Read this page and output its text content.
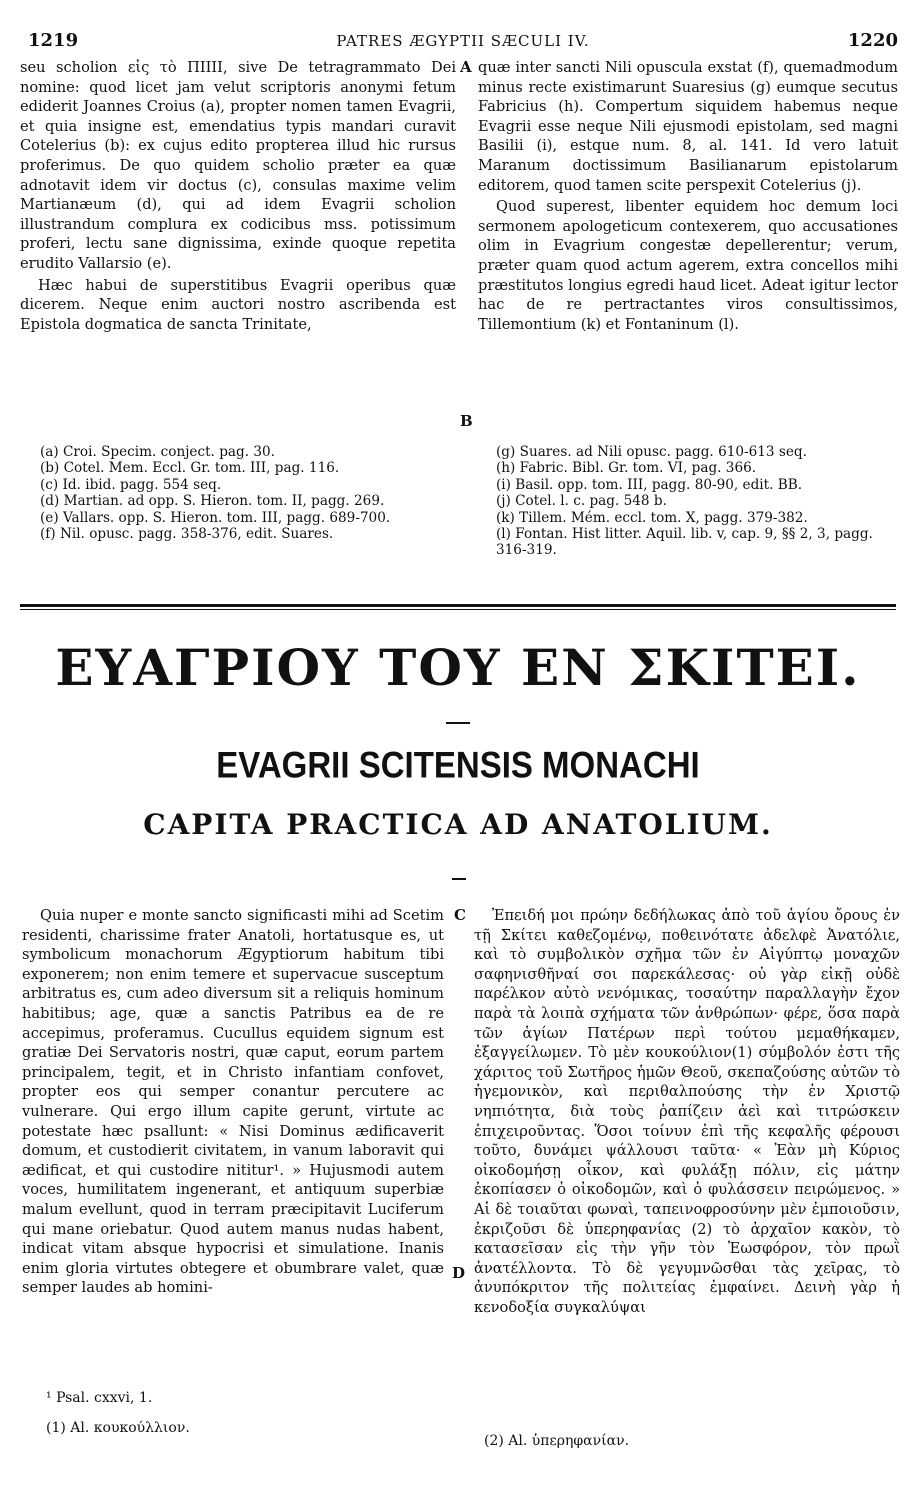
1219	PATRES ÆGYPTII SÆCULI IV.	1220

seu scholion εἰς τὸ ΠΙΙΙΙ, sive De tetragrammato Dei nomine: quod licet jam velut scriptoris anonymi fetum ediderit Joannes Croius (a), propter nomen tamen Evagrii, et quia insigne est, emendatius typis mandari curavit Cotelerius (b): ex cujus edito propterea illud hic rursus proferimus. De quo quidem scholio præter ea quæ adnotavit idem vir doctus (c), consulas maxime velim Martianæum (d), qui ad idem Evagrii scholion illustrandum complura ex codicibus mss. potissimum proferi, lectu sane dignissima, exinde quoque repetita erudito Vallarsio (e).

Hæc habui de superstitibus Evagrii operibus quæ dicerem. Neque enim auctori nostro ascribenda est Epistola dogmatica de sancta Trinitate,

A
B

quæ inter sancti Nili opuscula exstat (f), quemadmodum minus recte existimarunt Suaresius (g) eumque secutus Fabricius (h). Compertum siquidem habemus neque Evagrii esse neque Nili ejusmodi epistolam, sed magni Basilii (i), estque num. 8, al. 141. Id vero latuit Maranum doctissimum Basilianarum epistolarum editorem, quod tamen scite perspexit Cotelerius (j).

Quod superest, libenter equidem hoc demum loci sermonem apologeticum contexerem, quo accusationes olim in Evagrium congestæ depellerentur; verum, præter quam quod actum agerem, extra concellos mihi præstitutos longius egredi haud licet. Adeat igitur lector hac de re pertractantes viros consultissimos, Tillemontium (k) et Fontaninum (l).

(a) Croi. Specim. conject. pag. 30.
(b) Cotel. Mem. Eccl. Gr. tom. III, pag. 116.
(c) Id. ibid. pagg. 554 seq.
(d) Martian. ad opp. S. Hieron. tom. II, pagg. 269.
(e) Vallars. opp. S. Hieron. tom. III, pagg. 689-700.
(f) Nil. opusc. pagg. 358-376, edit. Suares.
(g) Suares. ad Nili opusc. pagg. 610-613 seq.
(h) Fabric. Bibl. Gr. tom. VI, pag. 366.
(i) Basil. opp. tom. III, pagg. 80-90, edit. BB.
(j) Cotel. l. c. pag. 548 b.
(k) Tillem. Mém. eccl. tom. X, pagg. 379-382.
(l) Fontan. Hist litter. Aquil. lib. v, cap. 9, §§ 2, 3, pagg. 316-319.
ΕΥΑΓΡΙΟΥ ΤΟΥ ΕΝ ΣΚΙΤΕΙ.
EVAGRII SCITENSIS MONACHI
CAPITA PRACTICA AD ANATOLIUM.

Quia nuper e monte sancto significasti mihi ad Scetim residenti, charissime frater Anatoli, hortatusque es, ut symbolicum monachorum Ægyptiorum habitum tibi exponerem; non enim temere et supervacue susceptum arbitratus es, cum adeo diversum sit a reliquis hominum habitibus; age, quæ a sanctis Patribus ea de re accepimus, proferamus. Cucullus equidem signum est gratiæ Dei Servatoris nostri, quæ caput, eorum partem principalem, tegit, et in Christo infantiam confovet, propter eos qui semper conantur percutere ac vulnerare. Qui ergo illum capite gerunt, virtute ac potestate hæc psallunt: « Nisi Dominus ædificaverit domum, et custodierit civitatem, in vanum laboravit qui ædificat, et qui custodire nititur¹. » Hujusmodi autem voces, humilitatem ingenerant, et antiquum superbiæ malum evellunt, quod in terram præcipitavit Luciferum qui mane oriebatur. Quod autem manus nudas habent, indicat vitam absque hypocrisi et simulatione. Inanis enim gloria virtutes obtegere et obumbrare valet, quæ semper laudes ab homini-

C
D

Ἐπειδή μοι πρώην δεδήλωκας ἀπὸ τοῦ ἁγίου ὄρους ἐν τῇ Σκίτει καθεζομένῳ, ποθεινότατε ἀδελφὲ Ἀνατόλιε, καὶ τὸ συμβολικὸν σχῆμα τῶν ἐν Αἰγύπτῳ μοναχῶν σαφηνισθῆναί σοι παρεκάλεσας· οὐ γὰρ εἰκῇ οὐδὲ παρέλκον αὐτὸ νενόμικας, τοσαύτην παραλλαγὴν ἔχον παρὰ τὰ λοιπὰ σχήματα τῶν ἀνθρώπων· φέρε, ὅσα παρὰ τῶν ἁγίων Πατέρων περὶ τούτου μεμαθήκαμεν, ἐξαγγείλωμεν. Τὸ μὲν κουκούλιον(1) σύμβολόν ἐστι τῆς χάριτος τοῦ Σωτῆρος ἡμῶν Θεοῦ, σκεπαζούσης αὐτῶν τὸ ἡγεμονικὸν, καὶ περιθαλπούσης τὴν ἐν Χριστῷ νηπιότητα, διὰ τοὺς ῥαπίζειν ἀεὶ καὶ τιτρώσκειν ἐπιχειροῦντας. Ὅσοι τοίνυν ἐπὶ τῆς κεφαλῆς φέρουσι τοῦτο, δυνάμει ψάλλουσι ταῦτα· « Ἐὰν μὴ Κύριος οἰκοδομήσῃ οἶκον, καὶ φυλάξῃ πόλιν, εἰς μάτην ἐκοπίασεν ὁ οἰκοδομῶν, καὶ ὁ φυλάσσειν πειρώμενος. » Αἱ δὲ τοιαῦται φωναὶ, ταπεινοφροσύνην μὲν ἐμποιοῦσιν, ἐκριζοῦσι δὲ ὑπερηφανίας (2) τὸ ἀρχαῖον κακὸν, τὸ κατασεῖσαν εἰς τὴν γῆν τὸν Ἑωσφόρον, τὸν πρωῒ ἀνατέλλοντα. Τὸ δὲ γεγυμνῶσθαι τὰς χεῖρας, τὸ ἀνυπόκριτον τῆς πολιτείας ἐμφαίνει. Δεινὴ γὰρ ἡ κενοδοξία συγκαλύψαι

¹ Psal. cxxvi, 1.
(1) Al. κουκούλλιον.
(2) Al. ὑπερηφανίαν.
